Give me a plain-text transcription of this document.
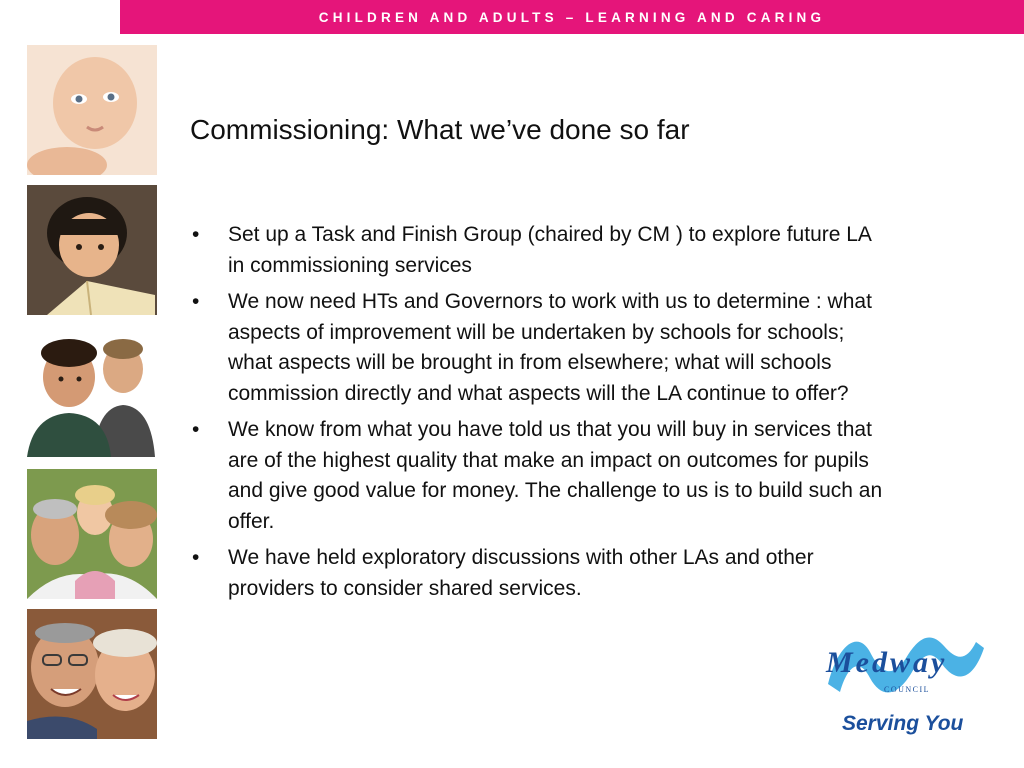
CHILDREN AND ADULTS – LEARNING AND CARING
Commissioning: What we’ve done so far
• Set up a Task and Finish Group (chaired by CM ) to explore future LA in commissioning services
• We now need HTs and Governors to work with us to determine : what aspects of improvement will be undertaken by schools for schools; what aspects will be brought in from elsewhere; what will schools commission directly and what aspects will the LA continue to offer?
• We know from what you have told us that you will buy in services that are of the highest quality that make an impact on outcomes for pupils and give good value for money. The challenge to us is to build such an offer.
• We have held exploratory discussions with other LAs and other providers to consider shared services.
Medway
COUNCIL
Serving You
